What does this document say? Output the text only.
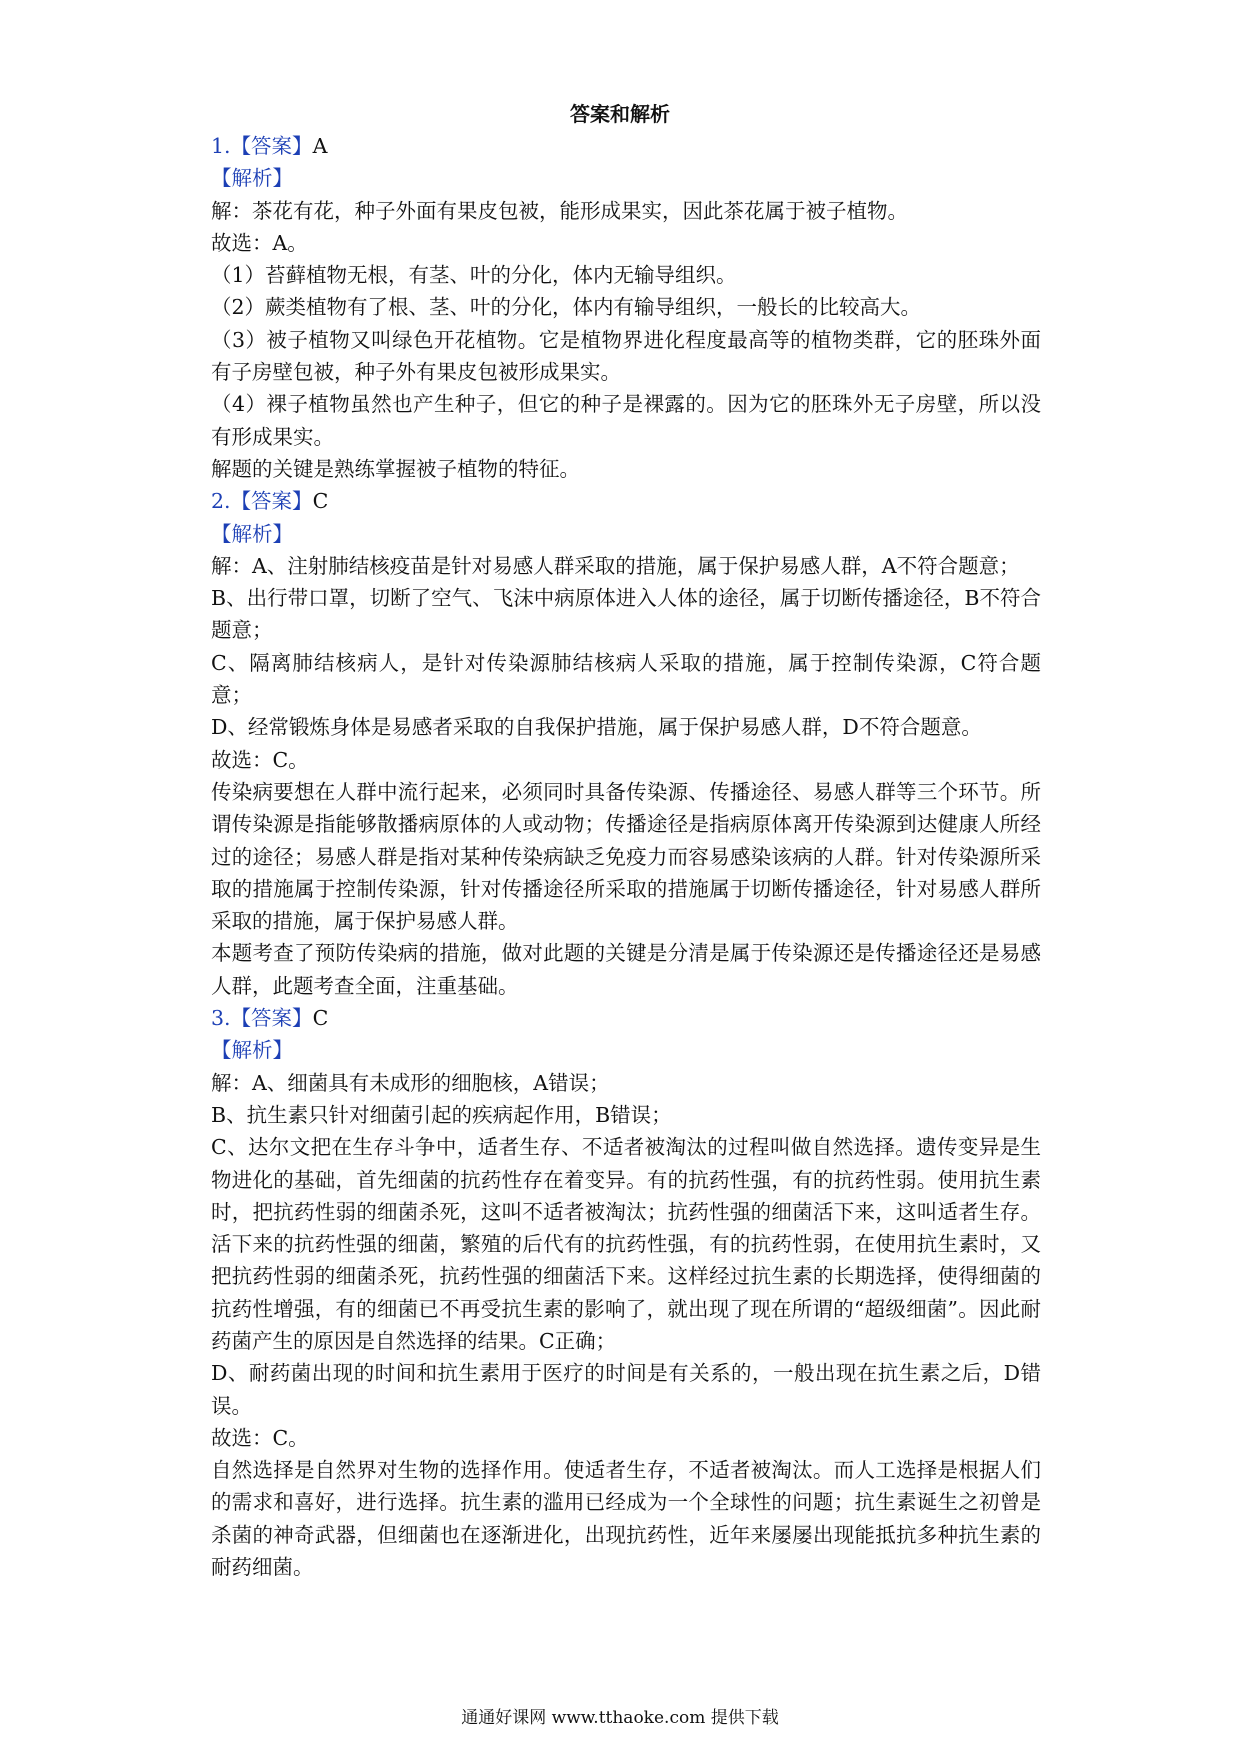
答案和解析

1.【答案】A

【解析】

解：茶花有花，种子外面有果皮包被，能形成果实，因此茶花属于被子植物。

故选：A。

（1）苔藓植物无根，有茎、叶的分化，体内无输导组织。

（2）蕨类植物有了根、茎、叶的分化，体内有输导组织，一般长的比较高大。

（3）被子植物又叫绿色开花植物。它是植物界进化程度最高等的植物类群，它的胚珠外面有子房壁包被，种子外有果皮包被形成果实。

（4）裸子植物虽然也产生种子，但它的种子是裸露的。因为它的胚珠外无子房壁，所以没有形成果实。

解题的关键是熟练掌握被子植物的特征。

2.【答案】C

【解析】

解：A、注射肺结核疫苗是针对易感人群采取的措施，属于保护易感人群，A不符合题意；

B、出行带口罩，切断了空气、飞沫中病原体进入人体的途径，属于切断传播途径，B不符合题意；

C、隔离肺结核病人，是针对传染源肺结核病人采取的措施，属于控制传染源，C符合题意；

D、经常锻炼身体是易感者采取的自我保护措施，属于保护易感人群，D不符合题意。

故选：C。

传染病要想在人群中流行起来，必须同时具备传染源、传播途径、易感人群等三个环节。所谓传染源是指能够散播病原体的人或动物；传播途径是指病原体离开传染源到达健康人所经过的途径；易感人群是指对某种传染病缺乏免疫力而容易感染该病的人群。针对传染源所采取的措施属于控制传染源，针对传播途径所采取的措施属于切断传播途径，针对易感人群所采取的措施，属于保护易感人群。

本题考查了预防传染病的措施，做对此题的关键是分清是属于传染源还是传播途径还是易感人群，此题考查全面，注重基础。

3.【答案】C

【解析】

解：A、细菌具有未成形的细胞核，A错误；

B、抗生素只针对细菌引起的疾病起作用，B错误；

C、达尔文把在生存斗争中，适者生存、不适者被淘汰的过程叫做自然选择。遗传变异是生物进化的基础，首先细菌的抗药性存在着变异。有的抗药性强，有的抗药性弱。使用抗生素时，把抗药性弱的细菌杀死，这叫不适者被淘汰；抗药性强的细菌活下来，这叫适者生存。活下来的抗药性强的细菌，繁殖的后代有的抗药性强，有的抗药性弱，在使用抗生素时，又把抗药性弱的细菌杀死，抗药性强的细菌活下来。这样经过抗生素的长期选择，使得细菌的抗药性增强，有的细菌已不再受抗生素的影响了，就出现了现在所谓的“超级细菌”。因此耐药菌产生的原因是自然选择的结果。C正确；

D、耐药菌出现的时间和抗生素用于医疗的时间是有关系的，一般出现在抗生素之后，D错误。

故选：C。

自然选择是自然界对生物的选择作用。使适者生存，不适者被淘汰。而人工选择是根据人们的需求和喜好，进行选择。抗生素的滥用已经成为一个全球性的问题；抗生素诞生之初曾是杀菌的神奇武器，但细菌也在逐渐进化，出现抗药性，近年来屡屡出现能抵抗多种抗生素的耐药细菌。

通通好课网 www.tthaoke.com 提供下载
